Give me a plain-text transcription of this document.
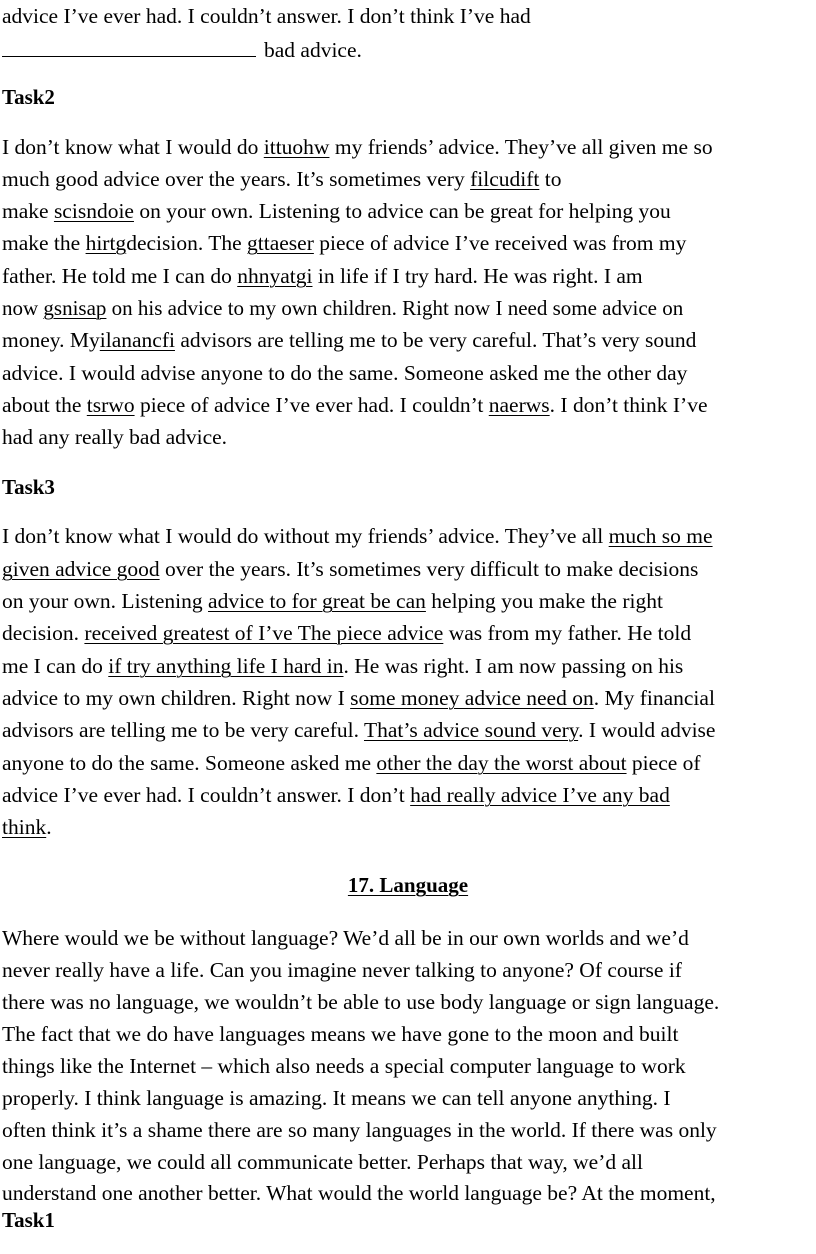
advice I’ve ever had. I couldn’t answer. I don’t think I’ve had
bad advice.
Task2
I don’t know what I would do ittuohw my friends’ advice. They’ve all given me so
much good advice over the years. It’s sometimes very filcudift to
make scisndoie on your own. Listening to advice can be great for helping you
make the hirtgdecision. The gttaeser piece of advice I’ve received was from my
father. He told me I can do nhnyatgi in life if I try hard. He was right. I am
now gsnisap on his advice to my own children. Right now I need some advice on
money. Myilanancfi advisors are telling me to be very careful. That’s very sound
advice. I would advise anyone to do the same. Someone asked me the other day
about the tsrwo piece of advice I’ve ever had. I couldn’t naerws. I don’t think I’ve
had any really bad advice.
Task3
I don’t know what I would do without my friends’ advice. They’ve all much so me
given advice good over the years. It’s sometimes very difficult to make decisions
on your own. Listening advice to for great be can helping you make the right
decision. received greatest of I’ve The piece advice was from my father. He told
me I can do if try anything life I hard in. He was right. I am now passing on his
advice to my own children. Right now I some money advice need on. My financial
advisors are telling me to be very careful. That’s advice sound very. I would advise
anyone to do the same. Someone asked me other the day the worst about piece of
advice I’ve ever had. I couldn’t answer. I don’t had really advice I’ve any bad
think.
17. Language
Where would we be without language? We’d all be in our own worlds and we’d
never really have a life. Can you imagine never talking to anyone? Of course if
there was no language, we wouldn’t be able to use body language or sign language.
The fact that we do have languages means we have gone to the moon and built
things like the Internet – which also needs a special computer language to work
properly. I think language is amazing. It means we can tell anyone anything. I
often think it’s a shame there are so many languages in the world. If there was only
one language, we could all communicate better. Perhaps that way, we’d all
understand one another better. What would the world language be? At the moment,
Task1
